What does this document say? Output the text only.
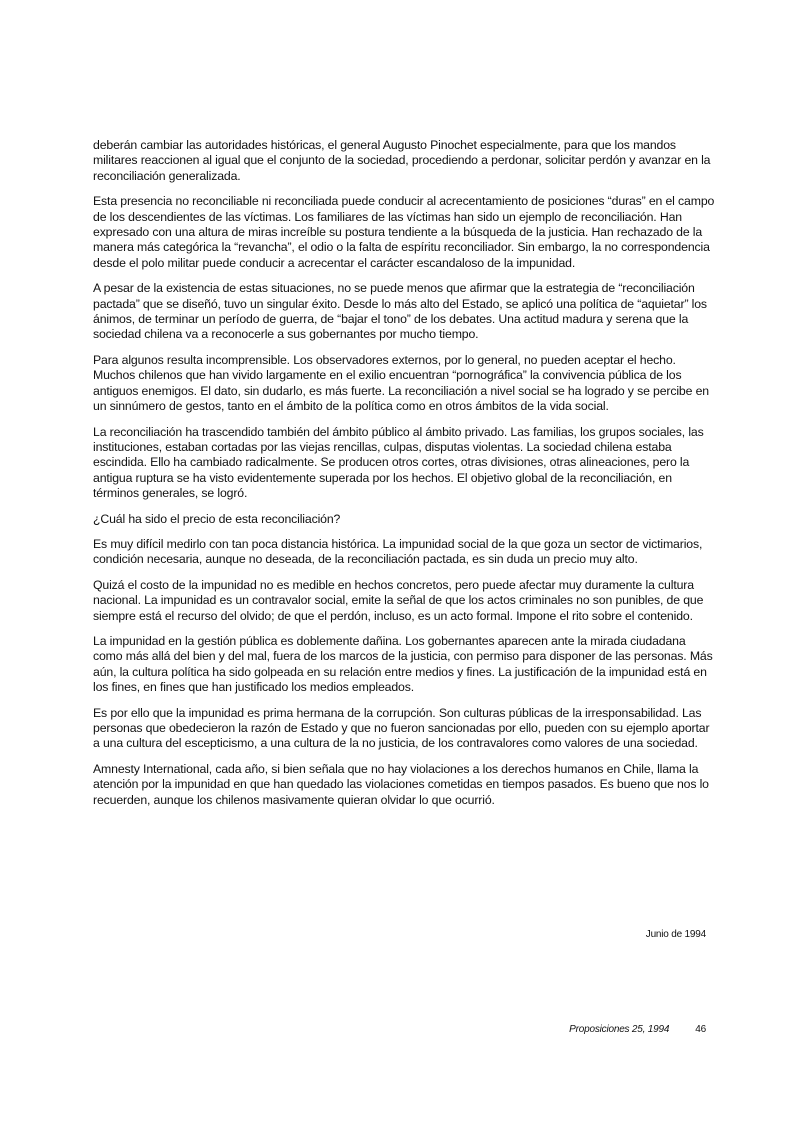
deberán cambiar las autoridades históricas, el general Augusto Pinochet especialmente, para que los mandos militares reaccionen al igual que el conjunto de la sociedad, procediendo a perdonar, solicitar perdón y avanzar en la reconciliación generalizada.

Esta presencia no reconciliable ni reconciliada puede conducir al acrecentamiento de posiciones “duras” en el campo de los descendientes de las víctimas. Los familiares de las víctimas han sido un ejemplo de reconciliación. Han expresado con una altura de miras increíble su postura tendiente a la búsqueda de la justicia. Han rechazado de la manera más categórica la “revancha”, el odio o la falta de espíritu reconciliador. Sin embargo, la no correspondencia desde el polo militar puede conducir a acrecentar el carácter escandaloso de la impunidad.

A pesar de la existencia de estas situaciones, no se puede menos que afirmar que la estrategia de “reconciliación pactada” que se diseñó, tuvo un singular éxito. Desde lo más alto del Estado, se aplicó una política de “aquietar” los ánimos, de terminar un período de guerra, de “bajar el tono” de los debates. Una actitud madura y serena que la sociedad chilena va a reconocerle a sus gobernantes por mucho tiempo.

Para algunos resulta incomprensible. Los observadores externos, por lo general, no pueden aceptar el hecho. Muchos chilenos que han vivido largamente en el exilio encuentran “pornográfica” la convivencia pública de los antiguos enemigos. El dato, sin dudarlo, es más fuerte. La reconciliación a nivel social se ha logrado y se percibe en un sinnúmero de gestos, tanto en el ámbito de la política como en otros ámbitos de la vida social.

La reconciliación ha trascendido también del ámbito público al ámbito privado. Las familias, los grupos sociales, las instituciones, estaban cortadas por las viejas rencillas, culpas, disputas violentas. La sociedad chilena estaba escindida. Ello ha cambiado radicalmente. Se producen otros cortes, otras divisiones, otras alineaciones, pero la antigua ruptura se ha visto evidentemente superada por los hechos. El objetivo global de la reconciliación, en términos generales, se logró.

¿Cuál ha sido el precio de esta reconciliación?

Es muy difícil medirlo con tan poca distancia histórica. La impunidad social de la que goza un sector de victimarios, condición necesaria, aunque no deseada, de la reconciliación pactada, es sin duda un precio muy alto.

Quizá el costo de la impunidad no es medible en hechos concretos, pero puede afectar muy duramente la cultura nacional. La impunidad es un contravalor social, emite la señal de que los actos criminales no son punibles, de que siempre está el recurso del olvido; de que el perdón, incluso, es un acto formal. Impone el rito sobre el contenido.

La impunidad en la gestión pública es doblemente dañina. Los gobernantes aparecen ante la mirada ciudadana como más allá del bien y del mal, fuera de los marcos de la justicia, con permiso para disponer de las personas. Más aún, la cultura política ha sido golpeada en su relación entre medios y fines. La justificación de la impunidad está en los fines, en fines que han justificado los medios empleados.

Es por ello que la impunidad es prima hermana de la corrupción. Son culturas públicas de la irresponsabilidad. Las personas que obedecieron la razón de Estado y que no fueron sancionadas por ello, pueden con su ejemplo aportar a una cultura del escepticismo, a una cultura de la no justicia, de los contravalores como valores de una sociedad.

Amnesty International, cada año, si bien señala que no hay violaciones a los derechos humanos en Chile, llama la atención por la impunidad en que han quedado las violaciones cometidas en tiempos pasados. Es bueno que nos lo recuerden, aunque los chilenos masivamente quieran olvidar lo que ocurrió.

Junio de 1994
Proposiciones 25, 1994	46
